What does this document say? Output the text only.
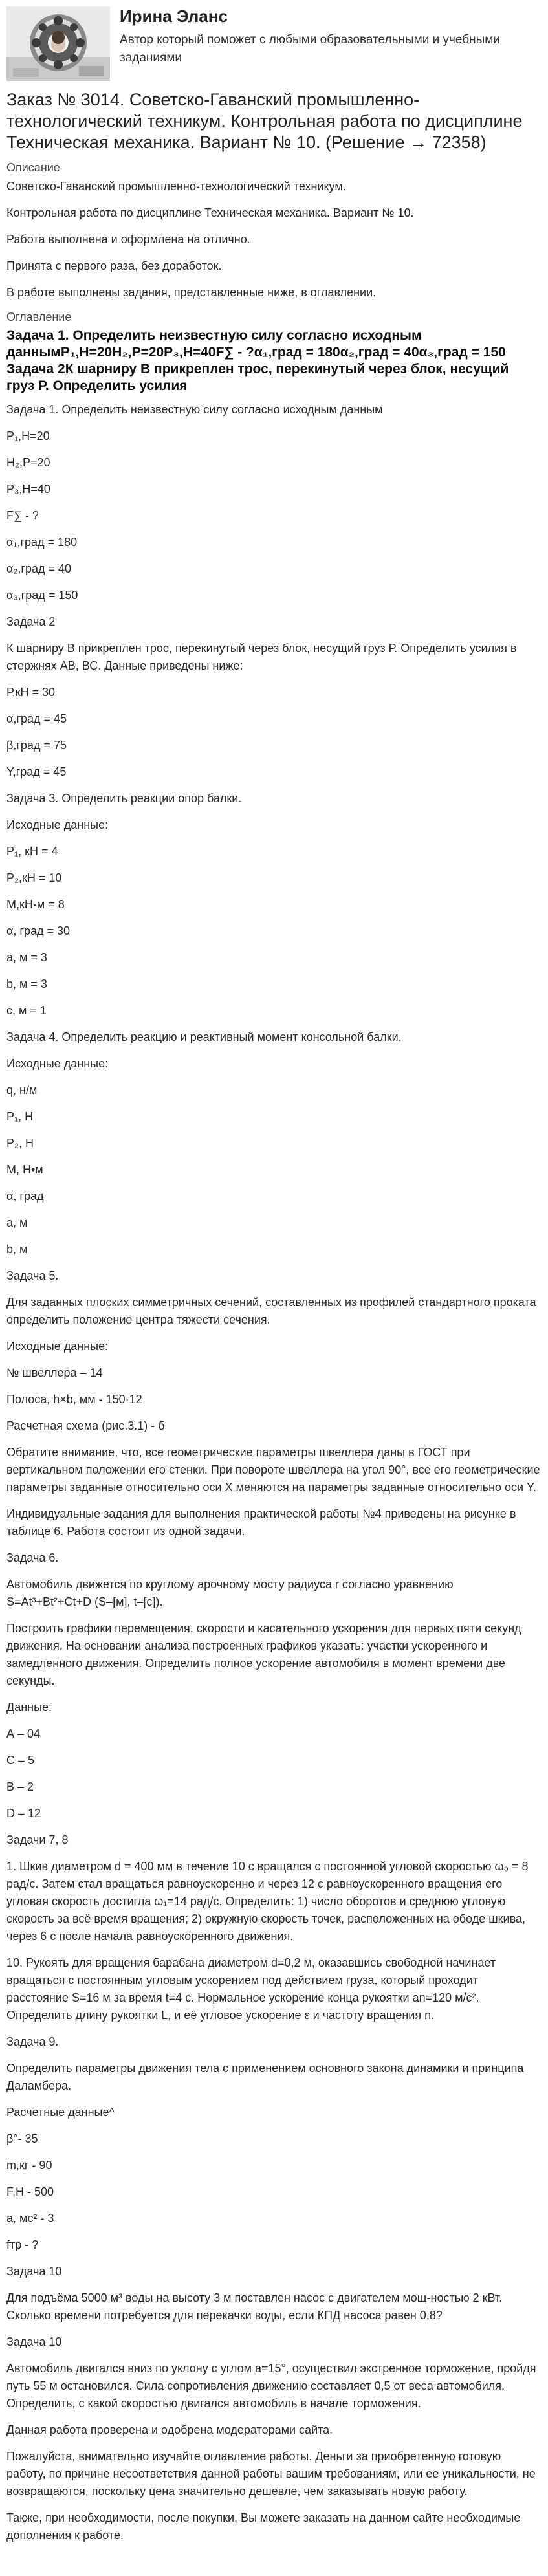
Ирина Эланс
Автор который поможет с любыми образовательными и учебными заданиями
Заказ № 3014. Советско-Гаванский промышленно-технологический техникум. Контрольная работа по дисциплине Техническая механика. Вариант № 10. (Решение → 72358)
Описание

Советско-Гаванский промышленно-технологический техникум.

Контрольная работа по дисциплине Техническая механика. Вариант № 10.

Работа выполнена и оформлена на отлично.

Принята с первого раза, без доработок.

В работе выполнены задания, представленные ниже, в оглавлении.

Оглавление
Задача 1. Определить неизвестную силу согласно исходным даннымР₁,Н=20Н₂,Р=20Р₃,Н=40F∑ - ?α₁,град = 180α₂,град = 40α₃,град = 150 Задача 2К шарниру В прикреплен трос, перекинутый через блок, несущий груз Р. Определить усилия

Задача 1. Определить неизвестную силу согласно исходным данным

Р₁,Н=20

Н₂,Р=20

Р₃,Н=40

F∑ - ?

α₁,град = 180

α₂,град = 40

α₃,град = 150

Задача 2

К шарниру В прикреплен трос, перекинутый через блок, несущий груз Р. Определить усилия в стержнях АВ, ВС. Данные приведены ниже:

Р,кН = 30

α,град = 45

β,град = 75

Υ,град = 45

Задача 3. Определить реакции опор балки.

Исходные данные:

Р₁, кН = 4

Р₂,кН = 10

М,кН·м = 8

α, град = 30

а, м = 3

b, м = 3

c, м = 1

Задача 4. Определить реакцию и реактивный момент консольной балки.

Исходные данные:

q, н/м

Р₁, Н

Р₂, Н

М, Н•м

α, град

а, м

b, м

Задача 5.

Для заданных плоских симметричных сечений, составленных из профилей стандартного проката определить положение центра тяжести сечения.

Исходные данные:

№ швеллера – 14

Полоса, h×b, мм - 150·12

Расчетная схема (рис.3.1) - б

Обратите внимание, что, все геометрические параметры швеллера даны в ГОСТ при вертикальном положении его стенки. При повороте швеллера на угол 90°, все его геометрические параметры заданные относительно оси X меняются на параметры заданные относительно оси Y.

Индивидуальные задания для выполнения практической работы №4 приведены на рисунке в таблице 6. Работа состоит из одной задачи.

Задача 6.

Автомобиль движется по круглому арочному мосту радиуса r согласно уравнению S=At³+Bt²+Ct+D (S–[м], t–[c]).

Построить графики перемещения, скорости и касательного ускорения для первых пяти секунд движения. На основании анализа построенных графиков указать: участки ускоренного и замедленного движения. Определить полное ускорение автомобиля в момент времени две секунды.

Данные:

А – 04

С – 5

В – 2

D – 12

Задачи 7, 8

1. Шкив диаметром d = 400 мм в течение 10 с вращался с постоянной угловой скоростью ω₀ = 8 рад/с. Затем стал вращаться равноускоренно и через 12 с равноускоренного вращения его угловая скорость достигла ω₁=14 рад/с. Определить: 1) число оборотов и среднюю угловую скорость за всё время вращения; 2) окружную скорость точек, расположенных на ободе шкива, через 6 с после начала равноускоренного движения.

10. Рукоять для вращения барабана диаметром d=0,2 м, оказавшись свободной начинает вращаться с постоянным угловым ускорением под действием груза, который проходит расстояние S=16 м за время t=4 с. Нормальное ускорение конца рукоятки аn=120 м/с². Определить длину рукоятки L, и её угловое ускорение ε и частоту вращения n.

Задача 9.

Определить параметры движения тела с применением основного закона динамики и принципа Даламбера.

Расчетные данные^

β°- 35

m,кг - 90

F,Н - 500

а, мс² - 3

fтр - ?

Задача 10

Для подъёма 5000 м³ воды на высоту 3 м поставлен насос с двигателем мощ-ностью 2 кВт. Сколько времени потребуется для перекачки воды, если КПД насоса равен 0,8?

Задача 10

Автомобиль двигался вниз по уклону с углом а=15°, осуществил экстренное торможение, пройдя путь 55 м остановился. Сила сопротивления движению составляет 0,5 от веса автомобиля. Определить, с какой скоростью двигался автомобиль в начале торможения.

Данная работа проверена и одобрена модераторами сайта.

Пожалуйста, внимательно изучайте оглавление работы. Деньги за приобретенную готовую работу, по причине несоответствия данной работы вашим требованиям, или ее уникальности, не возвращаются, поскольку цена значительно дешевле, чем заказывать новую работу.

Также, при необходимости, после покупки, Вы можете заказать на данном сайте необходимые дополнения к работе.
